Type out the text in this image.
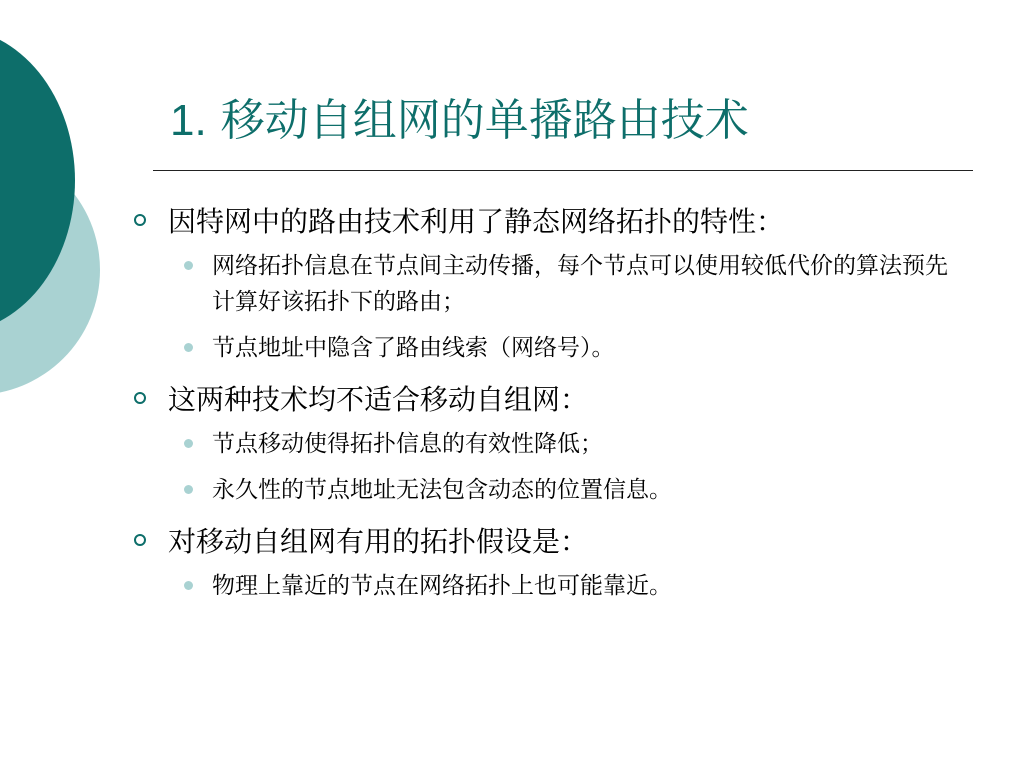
1. 移动自组网的单播路由技术
因特网中的路由技术利用了静态网络拓扑的特性：
网络拓扑信息在节点间主动传播，每个节点可以使用较低代价的算法预先计算好该拓扑下的路由；
节点地址中隐含了路由线索（网络号）。
这两种技术均不适合移动自组网：
节点移动使得拓扑信息的有效性降低；
永久性的节点地址无法包含动态的位置信息。
对移动自组网有用的拓扑假设是：
物理上靠近的节点在网络拓扑上也可能靠近。
